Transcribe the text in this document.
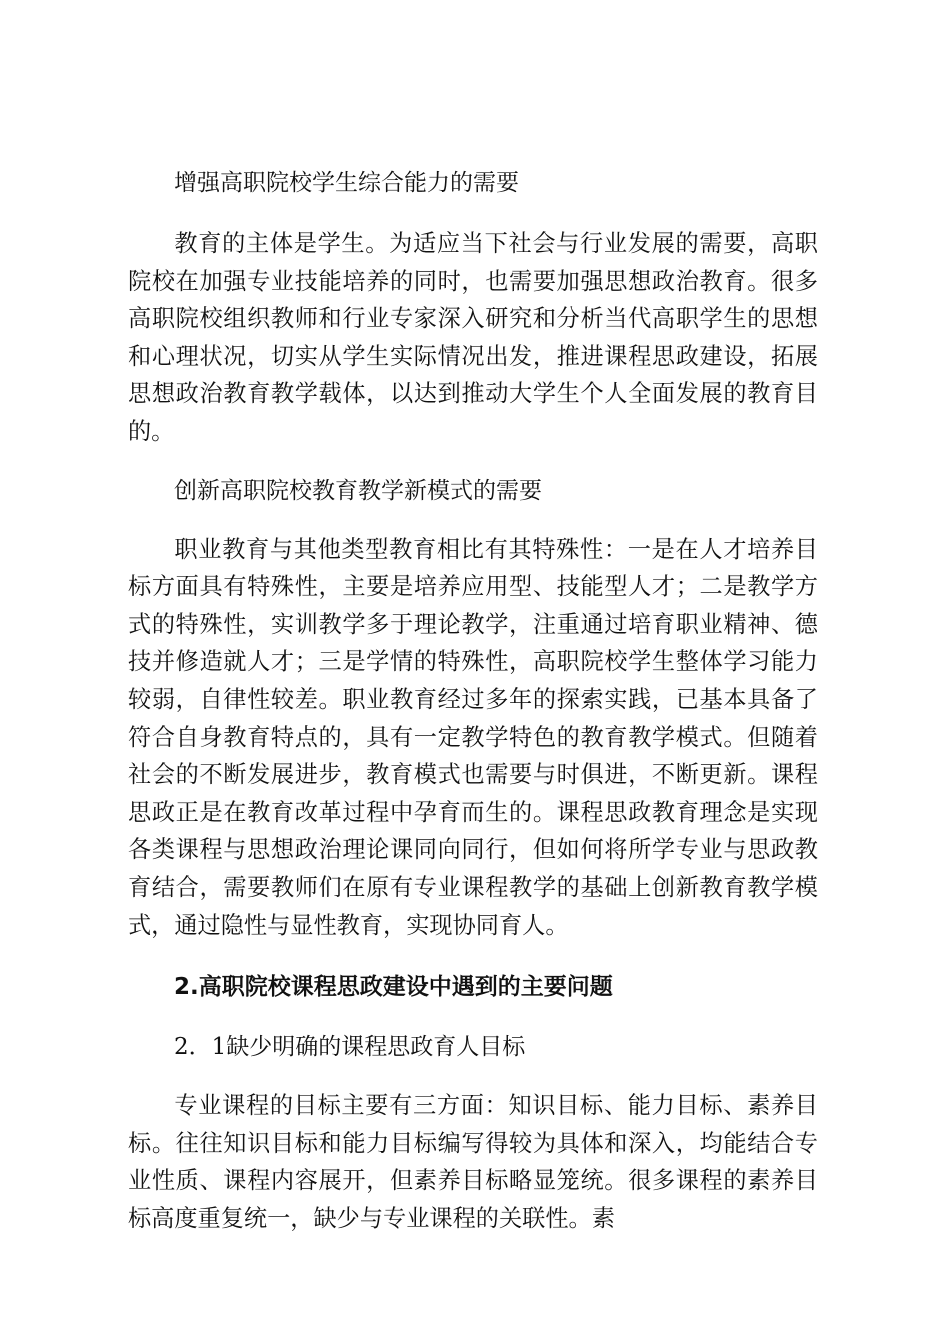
增强高职院校学生综合能力的需要

教育的主体是学生。为适应当下社会与行业发展的需要，高职院校在加强专业技能培养的同时，也需要加强思想政治教育。很多高职院校组织教师和行业专家深入研究和分析当代高职学生的思想和心理状况，切实从学生实际情况出发，推进课程思政建设，拓展思想政治教育教学载体，以达到推动大学生个人全面发展的教育目的。

创新高职院校教育教学新模式的需要

职业教育与其他类型教育相比有其特殊性：一是在人才培养目标方面具有特殊性，主要是培养应用型、技能型人才；二是教学方式的特殊性，实训教学多于理论教学，注重通过培育职业精神、德技并修造就人才；三是学情的特殊性，高职院校学生整体学习能力较弱，自律性较差。职业教育经过多年的探索实践，已基本具备了符合自身教育特点的，具有一定教学特色的教育教学模式。但随着社会的不断发展进步，教育模式也需要与时俱进，不断更新。课程思政正是在教育改革过程中孕育而生的。课程思政教育理念是实现各类课程与思想政治理论课同向同行，但如何将所学专业与思政教育结合，需要教师们在原有专业课程教学的基础上创新教育教学模式，通过隐性与显性教育，实现协同育人。

2.高职院校课程思政建设中遇到的主要问题

2．1缺少明确的课程思政育人目标

专业课程的目标主要有三方面：知识目标、能力目标、素养目标。往往知识目标和能力目标编写得较为具体和深入，均能结合专业性质、课程内容展开，但素养目标略显笼统。很多课程的素养目标高度重复统一，缺少与专业课程的关联性。素
